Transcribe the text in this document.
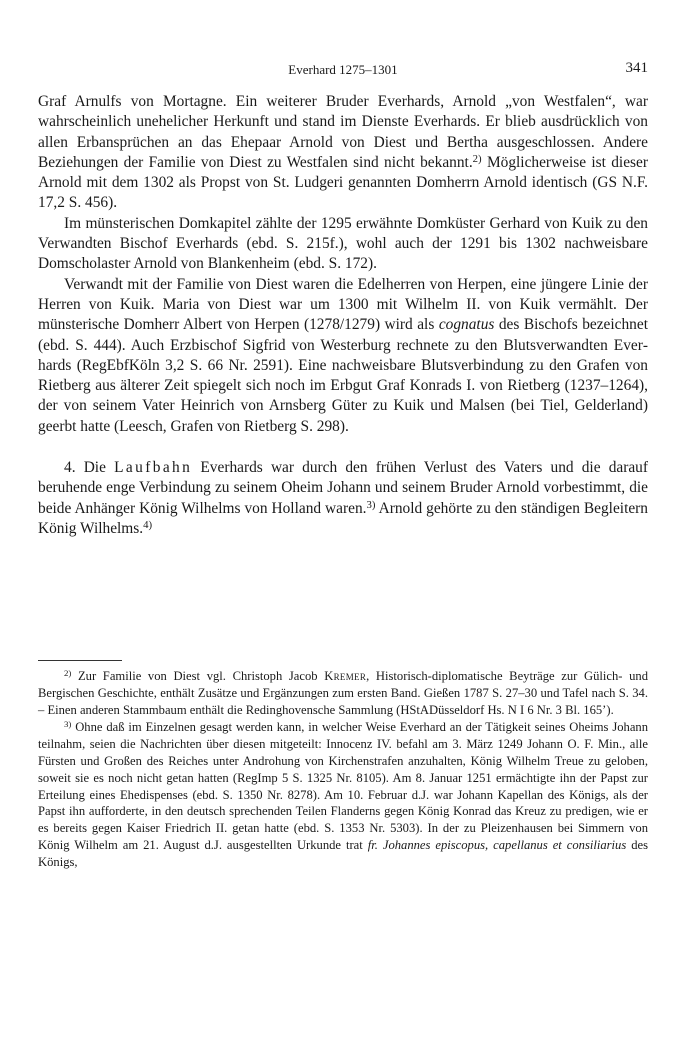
Everhard 1275–1301	341

Graf Arnulfs von Mortagne. Ein weiterer Bruder Everhards, Arnold „von Westfalen“, war wahrscheinlich unehelicher Herkunft und stand im Dienste Everhards. Er blieb ausdrücklich von allen Erbansprüchen an das Ehepaar Arnold von Diest und Bertha ausgeschlossen. Andere Beziehungen der Familie von Diest zu Westfalen sind nicht bekannt.$^{2)}$ Möglicherweise ist dieser Arnold mit dem 1302 als Propst von St. Ludgeri genannten Domherrn Arnold identisch (GS N.F. 17,2 S. 456).

Im münsterischen Domkapitel zählte der 1295 erwähnte Domküster Gerhard von Kuik zu den Verwandten Bischof Everhards (ebd. S. 215f.), wohl auch der 1291 bis 1302 nachweisbare Domscholaster Arnold von Blankenheim (ebd. S. 172).

Verwandt mit der Familie von Diest waren die Edelherren von Herpen, eine jüngere Linie der Herren von Kuik. Maria von Diest war um 1300 mit Wilhelm II. von Kuik vermählt. Der münsterische Domherr Albert von Herpen (1278/1279) wird als cognatus des Bischofs bezeichnet (ebd. S. 444). Auch Erzbischof Sigfrid von Westerburg rechnete zu den Blutsverwandten Everhards (RegEbfKöln 3,2 S. 66 Nr. 2591). Eine nachweisbare Blutsverbindung zu den Grafen von Rietberg aus älterer Zeit spiegelt sich noch im Erbgut Graf Konrads I. von Rietberg (1237–1264), der von seinem Vater Heinrich von Arnsberg Güter zu Kuik und Malsen (bei Tiel, Gelderland) geerbt hatte (Leesch, Grafen von Rietberg S. 298).

4. Die Laufbahn Everhards war durch den frühen Verlust des Vaters und die darauf beruhende enge Verbindung zu seinem Oheim Johann und seinem Bruder Arnold vorbestimmt, die beide Anhänger König Wilhelms von Holland waren.$^{3)}$ Arnold gehörte zu den ständigen Begleitern König Wilhelms.$^{4)}$

$^{2)}$ Zur Familie von Diest vgl. Christoph Jacob Kremer, Historisch-diplomatische Beyträge zur Gülich- und Bergischen Geschichte, enthält Zusätze und Ergänzungen zum ersten Band. Gießen 1787 S. 27–30 und Tafel nach S. 34. – Einen anderen Stammbaum enthält die Redinghovensche Sammlung (HStADüsseldorf Hs. N I 6 Nr. 3 Bl. 165’).

$^{3)}$ Ohne daß im Einzelnen gesagt werden kann, in welcher Weise Everhard an der Tätigkeit seines Oheims Johann teilnahm, seien die Nachrichten über diesen mitgeteilt: Innocenz IV. befahl am 3. März 1249 Johann O. F. Min., alle Fürsten und Großen des Reiches unter Androhung von Kirchenstrafen anzuhalten, König Wilhelm Treue zu geloben, soweit sie es noch nicht getan hatten (RegImp 5 S. 1325 Nr. 8105). Am 8. Januar 1251 ermächtigte ihn der Papst zur Erteilung eines Ehedispenses (ebd. S. 1350 Nr. 8278). Am 10. Februar d.J. war Johann Kapellan des Königs, als der Papst ihn aufforderte, in den deutsch sprechenden Teilen Flanderns gegen König Konrad das Kreuz zu predigen, wie er es bereits gegen Kaiser Friedrich II. getan hatte (ebd. S. 1353 Nr. 5303). In der zu Pleizenhausen bei Simmern von König Wilhelm am 21. August d.J. ausgestellten Urkunde trat fr. Johannes episcopus, capellanus et consiliarius des Königs,
